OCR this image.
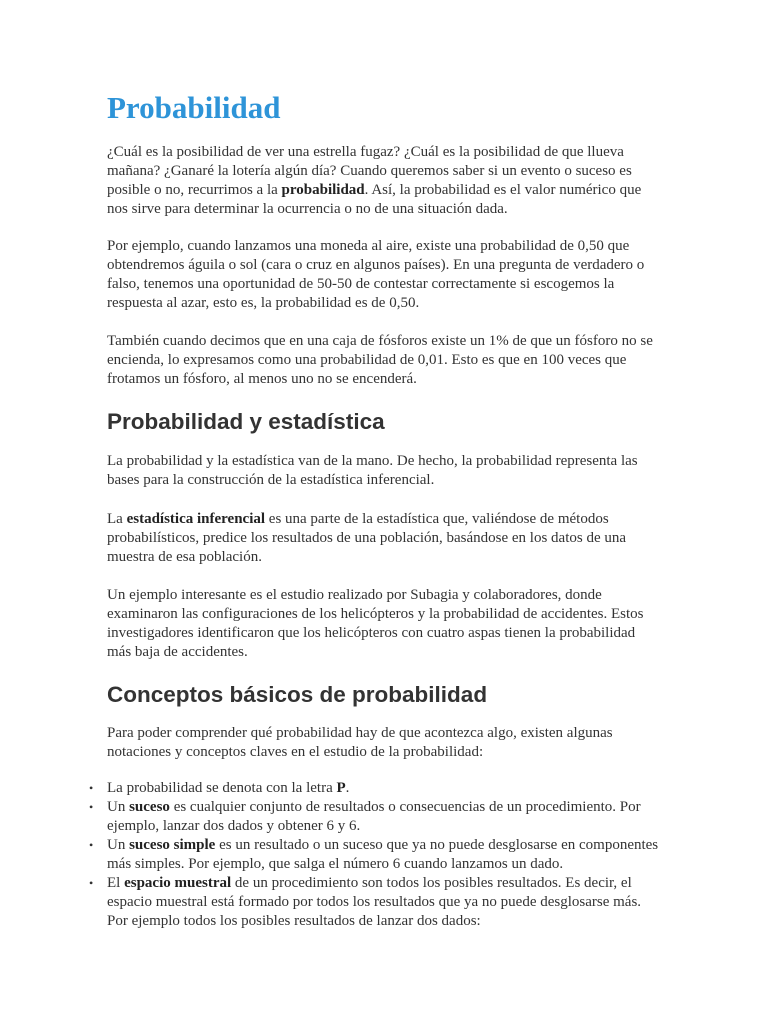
Probabilidad

¿Cuál es la posibilidad de ver una estrella fugaz? ¿Cuál es la posibilidad de que llueva mañana? ¿Ganaré la lotería algún día? Cuando queremos saber si un evento o suceso es posible o no, recurrimos a la probabilidad. Así, la probabilidad es el valor numérico que nos sirve para determinar la ocurrencia o no de una situación dada.

Por ejemplo, cuando lanzamos una moneda al aire, existe una probabilidad de 0,50 que obtendremos águila o sol (cara o cruz en algunos países). En una pregunta de verdadero o falso, tenemos una oportunidad de 50-50 de contestar correctamente si escogemos la respuesta al azar, esto es, la probabilidad es de 0,50.

También cuando decimos que en una caja de fósforos existe un 1% de que un fósforo no se encienda, lo expresamos como una probabilidad de 0,01. Esto es que en 100 veces que frotamos un fósforo, al menos uno no se encenderá.

Probabilidad y estadística

La probabilidad y la estadística van de la mano. De hecho, la probabilidad representa las bases para la construcción de la estadística inferencial.

La estadística inferencial es una parte de la estadística que, valiéndose de métodos probabilísticos, predice los resultados de una población, basándose en los datos de una muestra de esa población.

Un ejemplo interesante es el estudio realizado por Subagia y colaboradores, donde examinaron las configuraciones de los helicópteros y la probabilidad de accidentes. Estos investigadores identificaron que los helicópteros con cuatro aspas tienen la probabilidad más baja de accidentes.

Conceptos básicos de probabilidad

Para poder comprender qué probabilidad hay de que acontezca algo, existen algunas notaciones y conceptos claves en el estudio de la probabilidad:

• La probabilidad se denota con la letra P.
• Un suceso es cualquier conjunto de resultados o consecuencias de un procedimiento. Por ejemplo, lanzar dos dados y obtener 6 y 6.
• Un suceso simple es un resultado o un suceso que ya no puede desglosarse en componentes más simples. Por ejemplo, que salga el número 6 cuando lanzamos un dado.
• El espacio muestral de un procedimiento son todos los posibles resultados. Es decir, el espacio muestral está formado por todos los resultados que ya no puede desglosarse más. Por ejemplo todos los posibles resultados de lanzar dos dados:
